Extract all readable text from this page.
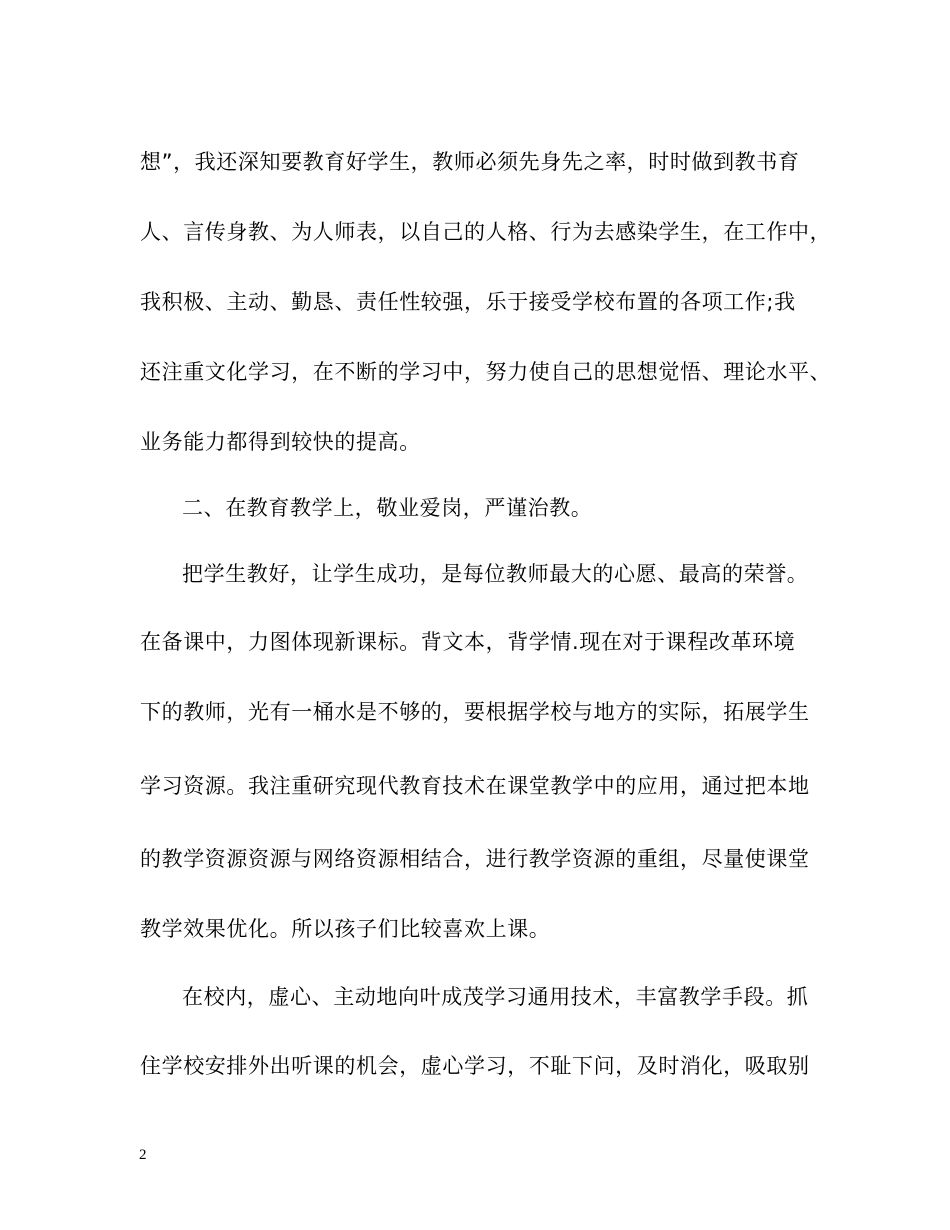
想”，我还深知要教育好学生，教师必须先身先之率，时时做到教书育
人、言传身教、为人师表，以自己的人格、行为去感染学生，在工作中，
我积极、主动、勤恳、责任性较强，乐于接受学校布置的各项工作;我
还注重文化学习，在不断的学习中，努力使自己的思想觉悟、理论水平、
业务能力都得到较快的提高。
二、在教育教学上，敬业爱岗，严谨治教。
把学生教好，让学生成功，是每位教师最大的心愿、最高的荣誉。
在备课中，力图体现新课标。背文本，背学情.现在对于课程改革环境
下的教师，光有一桶水是不够的，要根据学校与地方的实际，拓展学生
学习资源。我注重研究现代教育技术在课堂教学中的应用，通过把本地
的教学资源资源与网络资源相结合，进行教学资源的重组，尽量使课堂
教学效果优化。所以孩子们比较喜欢上课。
在校内，虚心、主动地向叶成茂学习通用技术，丰富教学手段。抓
住学校安排外出听课的机会，虚心学习，不耻下问，及时消化，吸取别
2
